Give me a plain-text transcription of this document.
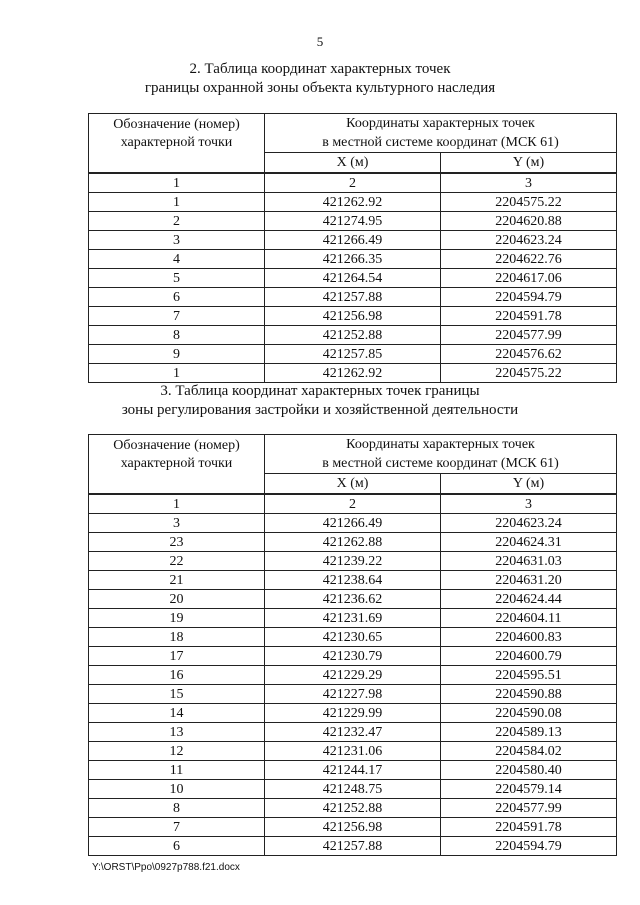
5
2. Таблица координат характерных точек
границы охранной зоны объекта культурного наследия
Обозначение (номер) характерной точки	Координаты характерных точек	
	в местной системе координат (МСК 61)	
	X (м)	Y (м)
1	2	3
1	421262.92	2204575.22
2	421274.95	2204620.88
3	421266.49	2204623.24
4	421266.35	2204622.76
5	421264.54	2204617.06
6	421257.88	2204594.79
7	421256.98	2204591.78
8	421252.88	2204577.99
9	421257.85	2204576.62
1	421262.92	2204575.22
3. Таблица координат характерных точек границы
зоны регулирования застройки и хозяйственной деятельности
Обозначение (номер) характерной точки	Координаты характерных точек	
	в местной системе координат (МСК 61)	
	X (м)	Y (м)
1	2	3
3	421266.49	2204623.24
23	421262.88	2204624.31
22	421239.22	2204631.03
21	421238.64	2204631.20
20	421236.62	2204624.44
19	421231.69	2204604.11
18	421230.65	2204600.83
17	421230.79	2204600.79
16	421229.29	2204595.51
15	421227.98	2204590.88
14	421229.99	2204590.08
13	421232.47	2204589.13
12	421231.06	2204584.02
11	421244.17	2204580.40
10	421248.75	2204579.14
8	421252.88	2204577.99
7	421256.98	2204591.78
6	421257.88	2204594.79
Y:\ORST\Ppo\0927p788.f21.docx
